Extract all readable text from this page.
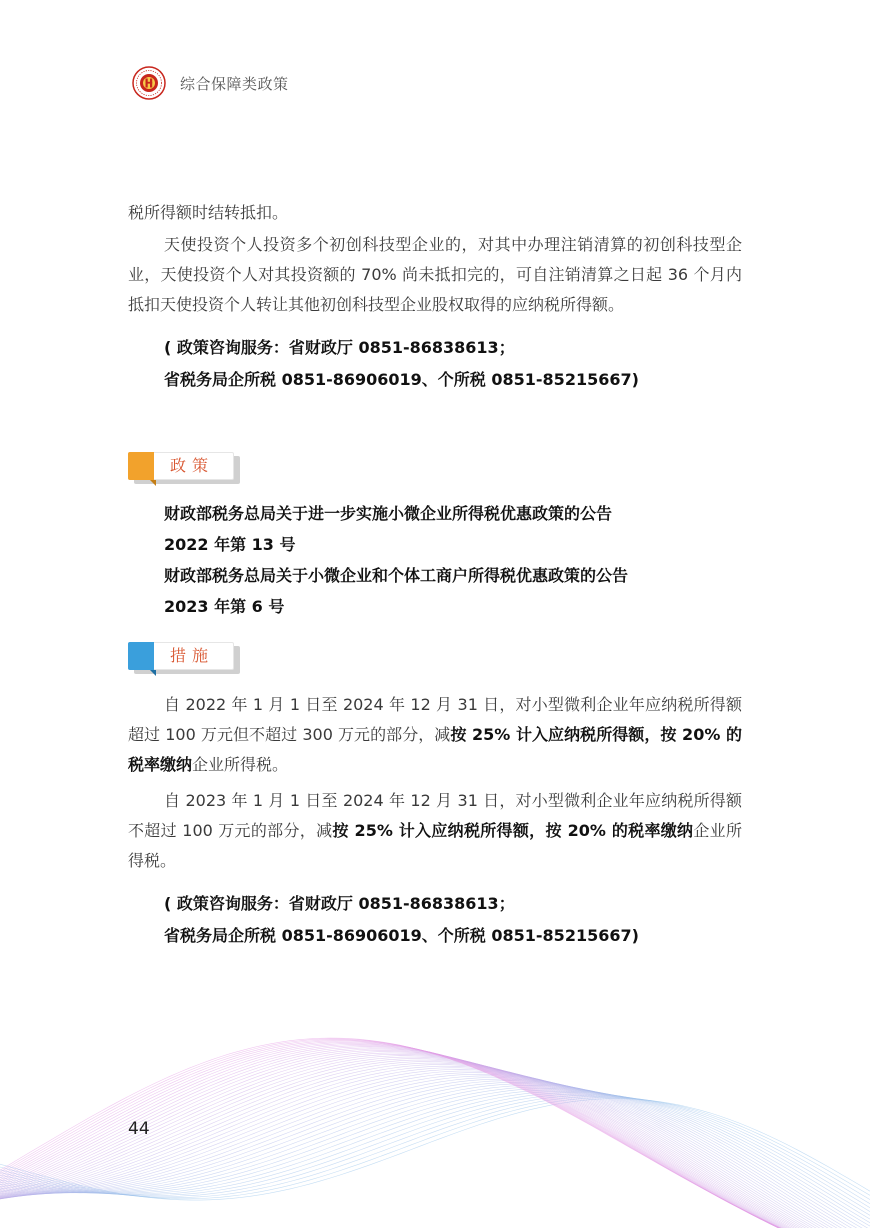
综合保障类政策

税所得额时结转抵扣。

天使投资个人投资多个初创科技型企业的，对其中办理注销清算的初创科技型企业，天使投资个人对其投资额的 70% 尚未抵扣完的，可自注销清算之日起 36 个月内抵扣天使投资个人转让其他初创科技型企业股权取得的应纳税所得额。

( 政策咨询服务：省财政厅 0851-86838613；

省税务局企所税 0851-86906019、个所税 0851-85215667)

政策

财政部税务总局关于进一步实施小微企业所得税优惠政策的公告

2022 年第 13 号

财政部税务总局关于小微企业和个体工商户所得税优惠政策的公告

2023 年第 6 号

措施

自 2022 年 1 月 1 日至 2024 年 12 月 31 日，对小型微利企业年应纳税所得额超过 100 万元但不超过 300 万元的部分，减按 25% 计入应纳税所得额，按 20% 的税率缴纳企业所得税。

自 2023 年 1 月 1 日至 2024 年 12 月 31 日，对小型微利企业年应纳税所得额不超过 100 万元的部分，减按 25% 计入应纳税所得额，按 20% 的税率缴纳企业所得税。

( 政策咨询服务：省财政厅 0851-86838613；

省税务局企所税 0851-86906019、个所税 0851-85215667)

44
